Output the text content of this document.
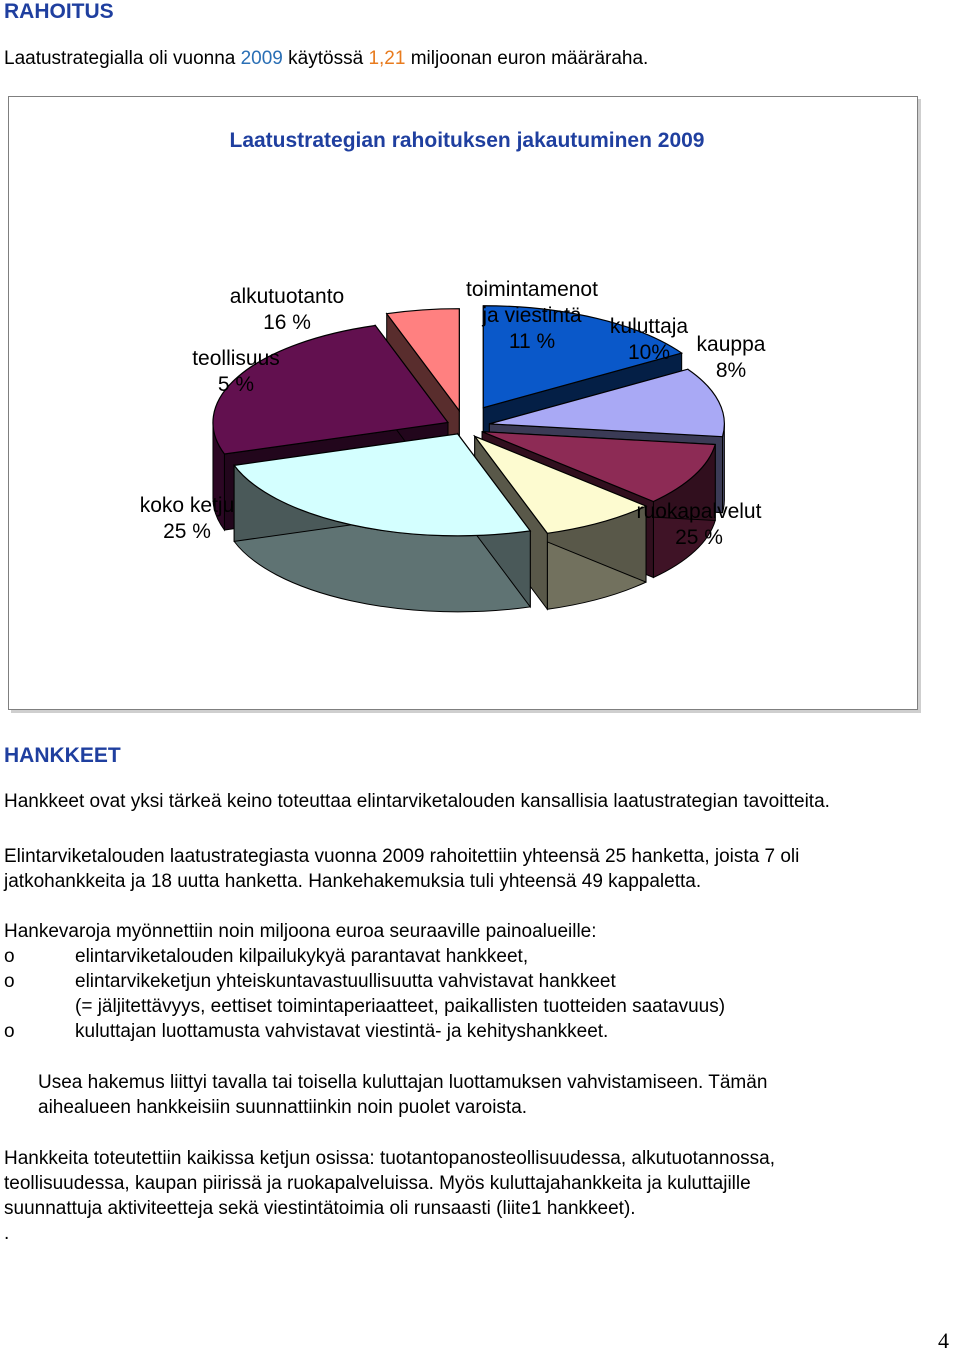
RAHOITUS
Laatustrategialla oli vuonna 2009 käytössä 1,21 miljoonan euron määräraha.
Laatustrategian rahoituksen jakautuminen 2009
alkutuotanto
16 %
toimintamenot
ja viestintä
11 %
kuluttaja
10% kauppa
8%
ruokapalvelut
25 %
koko ketju
25 %
teollisuus
5 %
HANKKEET
Hankkeet ovat yksi tärkeä keino toteuttaa elintarviketalouden kansallisia laatustrategian tavoitteita.
Elintarviketalouden laatustrategiasta vuonna 2009 rahoitettiin yhteensä 25 hanketta, joista 7 oli
jatkohankkeita ja 18 uutta hanketta. Hankehakemuksia tuli yhteensä 49 kappaletta.
Hankevaroja myönnettiin noin miljoona euroa seuraaville painoalueille:
o	elintarviketalouden kilpailukykyä parantavat hankkeet,
o	elintarvikeketjun yhteiskuntavastuullisuutta vahvistavat hankkeet
(= jäljitettävyys, eettiset toimintaperiaatteet, paikallisten tuotteiden saatavuus)
o	kuluttajan luottamusta vahvistavat viestintä- ja kehityshankkeet.
Usea hakemus liittyi tavalla tai toisella kuluttajan luottamuksen vahvistamiseen. Tämän
aihealueen hankkeisiin suunnattiinkin noin puolet varoista.
Hankkeita toteutettiin kaikissa ketjun osissa: tuotantopanosteollisuudessa, alkutuotannossa,
teollisuudessa, kaupan piirissä ja ruokapalveluissa. Myös kuluttajahankkeita ja kuluttajille
suunnattuja aktiviteetteja sekä viestintätoimia oli runsaasti (liite1 hankkeet).
.
4
